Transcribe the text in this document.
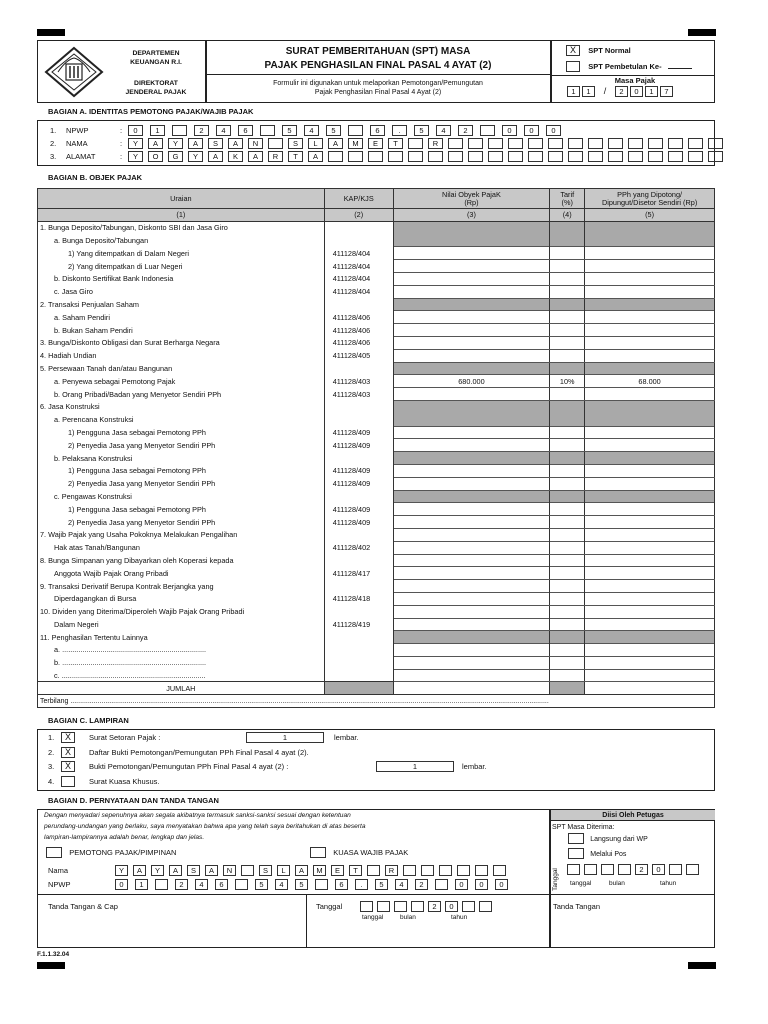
DEPARTEMEN
KEUANGAN R.I.
DIREKTORAT
JENDERAL PAJAK
SURAT PEMBERITAHUAN (SPT) MASA
PAJAK PENGHASILAN FINAL PASAL 4 AYAT (2)
Formulir ini digunakan untuk melaporkan Pemotongan/Pemungutan
Pajak Penghasilan Final Pasal 4 Ayat (2)
X SPT Normal
SPT Pembetulan Ke-
Masa Pajak
1	1	/	2	0	1	7
BAGIAN A. IDENTITAS PEMOTONG PAJAK/WAJIB PAJAK
1.	NPWP	:	0	1	2	4	6	5	4	5	6	.	5	4	2	0	0	0
2.	NAMA	:	Y	A	Y	A	S	A	N	S	L	A	M	E	T	R
3.	ALAMAT	:	Y	O	G	Y	A	K	A	R	T	A
BAGIAN B. OBJEK PAJAK
Uraian	KAP/KJS	Nilai Obyek PajaK
(Rp)	Tarif
(%)	PPh yang Dipotong/
Dipungut/Disetor Sendiri (Rp)
(1)	(2)	(3)	(4)	(5)
1. Bunga Deposito/Tabungan, Diskonto SBI dan Jasa Giro				
a. Bunga Deposito/Tabungan				
1) Yang ditempatkan di Dalam Negeri	411128/404			
2) Yang ditempatkan di Luar Negeri	411128/404			
b. Diskonto Sertifikat Bank Indonesia	411128/404			
c. Jasa Giro	411128/404			
2. Transaksi Penjualan Saham				
a. Saham Pendiri	411128/406			
b. Bukan Saham Pendiri	411128/406			
3. Bunga/Diskonto Obligasi dan Surat Berharga Negara	411128/406			
4. Hadiah Undian	411128/405			
5. Persewaan Tanah dan/atau Bangunan				
a. Penyewa sebagai Pemotong Pajak	411128/403	680.000	10%	68.000
b. Orang Pribadi/Badan yang Menyetor Sendiri PPh	411128/403			
6. Jasa Konstruksi				
a. Perencana Konstruksi				
1) Pengguna Jasa sebagai Pemotong PPh	411128/409			
2) Penyedia Jasa yang Menyetor Sendiri PPh	411128/409			
b. Pelaksana Konstruksi				
1) Pengguna Jasa sebagai Pemotong PPh	411128/409			
2) Penyedia Jasa yang Menyetor Sendiri PPh	411128/409			
c. Pengawas Konstruksi				
1) Pengguna Jasa sebagai Pemotong PPh	411128/409			
2) Penyedia Jasa yang Menyetor Sendiri PPh	411128/409			
7. Wajib Pajak yang Usaha Pokoknya Melakukan Pengalihan				
Hak atas Tanah/Bangunan	411128/402			
8. Bunga Simpanan yang Dibayarkan oleh Koperasi kepada				
Anggota Wajib Pajak Orang Pribadi	411128/417			
9. Transaksi Derivatif Berupa Kontrak Berjangka yang				
Diperdagangkan di Bursa	411128/418			
10. Dividen yang Diterima/Diperoleh Wajib Pajak Orang Pribadi				
Dalam Negeri	411128/419			
11. Penghasilan Tertentu Lainnya				
a. .......................................................................				
b. .......................................................................				
c. .......................................................................				
JUMLAH				
Terbilang ......................................................................................................................................................................................................................................................				
BAGIAN C. LAMPIRAN
1.	X	Surat Setoran Pajak :	1	lembar.
2.	X	Daftar Bukti Pemotongan/Pemungutan PPh Final Pasal 4 ayat (2).
3.	X	Bukti Pemotongan/Pemungutan PPh Final Pasal 4 ayat (2) :	1	lembar.
4.	Surat Kuasa Khusus.
BAGIAN D. PERNYATAAN DAN TANDA TANGAN
Dengan menyadari sepenuhnya akan segala akibatnya termasuk sanksi-sanksi sesuai dengan ketentuan
perundang-undangan yang berlaku, saya menyatakan bahwa apa yang telah saya beritahukan di atas beserta
lampiran-lampirannya adalah benar, lengkap dan jelas.
PEMOTONG PAJAK/PIMPINAN	KUASA WAJIB PAJAK
Nama	Y	A	Y	A	S	A	N	S	L	A	M	E	T	R
NPWP	0	1	2	4	6	5	4	5	6	.	5	4	2	0	0	0
Tanda Tangan & Cap	Tanggal	2	0
tanggal	bulan	tahun
Diisi Oleh Petugas
SPT Masa Diterima:
Langsung dari WP
Melalui Pos
Tanggal	2	0
tanggal	bulan	tahun
Tanda Tangan
F.1.1.32.04
